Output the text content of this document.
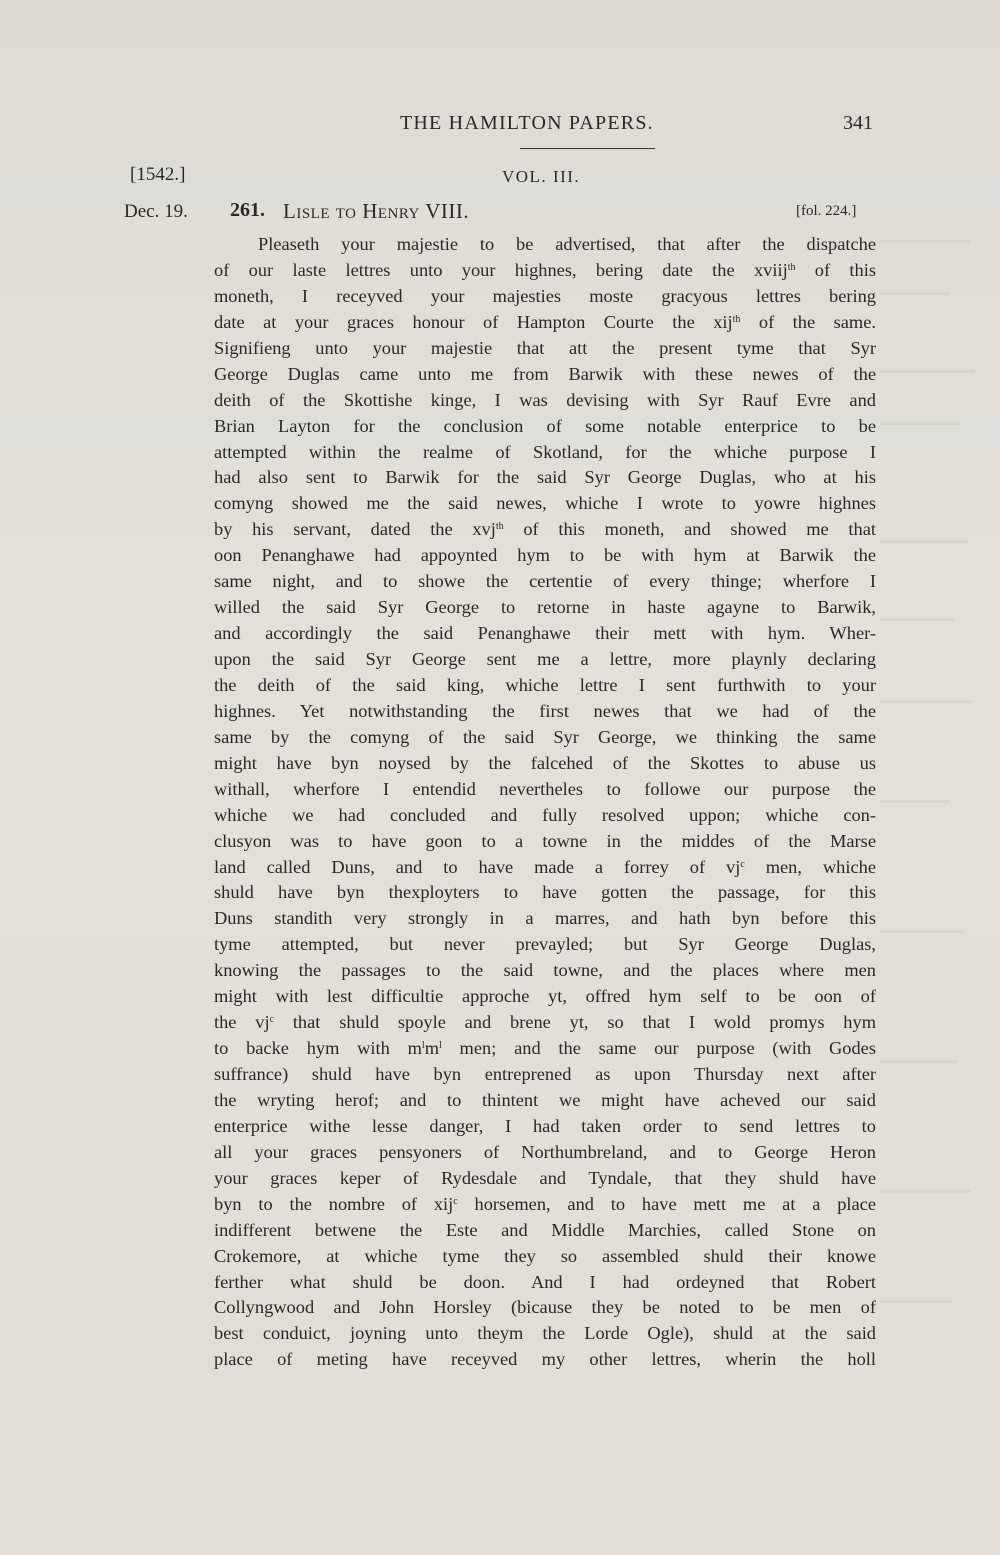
THE HAMILTON PAPERS.	341
[1542.]	VOL. III.
Dec. 19. 261. Lisle to Henry VIII.	[fol. 224.]
Pleaseth your majestie to be advertised, that after the dispatche
of our laste lettres unto your highnes, bering date the xviij$^{th}$ of this
moneth, I receyved your majesties moste gracyous lettres bering
date at your graces honour of Hampton Courte the xij$^{th}$ of the same.
Signifieng unto your majestie that att the present tyme that Syr
George Duglas came unto me from Barwik with these newes of the
deith of the Skottishe kinge, I was devising with Syr Rauf Evre and
Brian Layton for the conclusion of some notable enterprice to be
attempted within the realme of Skotland, for the whiche purpose I
had also sent to Barwik for the said Syr George Duglas, who at his
comyng showed me the said newes, whiche I wrote to yowre highnes
by his servant, dated the xvj$^{th}$ of this moneth, and showed me that
oon Penanghawe had appoynted hym to be with hym at Barwik the
same night, and to showe the certentie of every thinge; wherfore I
willed the said Syr George to retorne in haste agayne to Barwik,
and accordingly the said Penanghawe their mett with hym. Wher-
upon the said Syr George sent me a lettre, more playnly declaring
the deith of the said king, whiche lettre I sent furthwith to your
highnes. Yet notwithstanding the first newes that we had of the
same by the comyng of the said Syr George, we thinking the same
might have byn noysed by the falcehed of the Skottes to abuse us
withall, wherfore I entendid nevertheles to followe our purpose the
whiche we had concluded and fully resolved uppon; whiche con-
clusyon was to have goon to a towne in the middes of the Marse
land called Duns, and to have made a forrey of $vj^c$ men, whiche
shuld have byn thexployters to have gotten the passage, for this
Duns standith very strongly in a marres, and hath byn before this
tyme attempted, but never prevayled; but Syr George Duglas,
knowing the passages to the said towne, and the places where men
might with lest difficultie approche yt, offred hym self to be oon of
the $vj^c$ that shuld spoyle and brene yt, so that I wold promys hym
to backe hym with $m^lm^l$ men; and the same our purpose (with Godes
suffrance) shuld have byn entreprened as upon Thursday next after
the wryting herof; and to thintent we might have acheved our said
enterprice withe lesse danger, I had taken order to send lettres to
all your graces pensyoners of Northumbreland, and to George Heron
your graces keper of Rydesdale and Tyndale, that they shuld have
byn to the nombre of xij$^c$ horsemen, and to have mett me at a place
indifferent betwene the Este and Middle Marchies, called Stone on
Crokemore, at whiche tyme they so assembled shuld their knowe
ferther what shuld be doon. And I had ordeyned that Robert
Collyngwood and John Horsley (bicause they be noted to be men of
best conduict, joyning unto theym the Lorde Ogle), shuld at the said
place of meting have receyved my other lettres, wherin the holl
